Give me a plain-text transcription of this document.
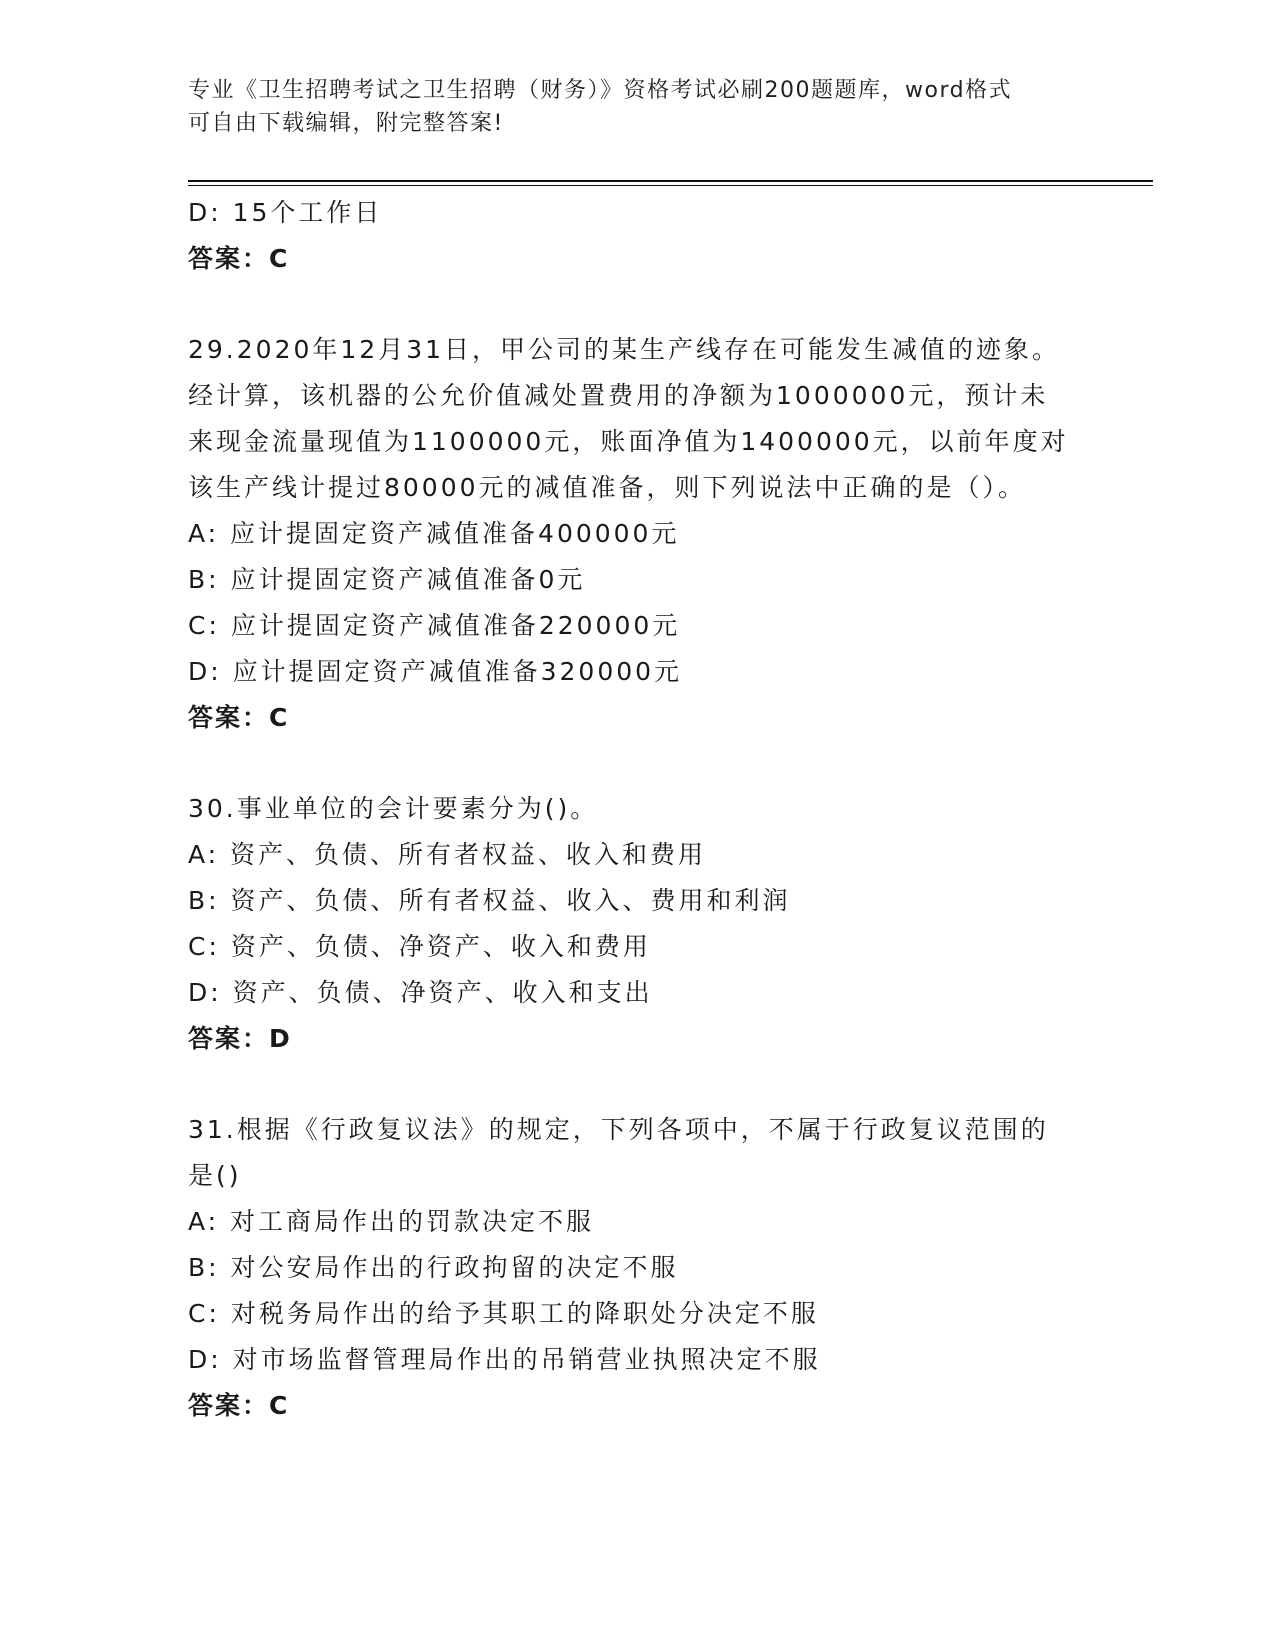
专业《卫生招聘考试之卫生招聘（财务）》资格考试必刷200题题库，word格式
可自由下载编辑，附完整答案!
D: 15个工作日
答案：C
29.2020年12月31日，甲公司的某生产线存在可能发生减值的迹象。
经计算，该机器的公允价值减处置费用的净额为1000000元，预计未
来现金流量现值为1100000元，账面净值为1400000元，以前年度对
该生产线计提过80000元的减值准备，则下列说法中正确的是（）。
A: 应计提固定资产减值准备400000元
B: 应计提固定资产减值准备0元
C: 应计提固定资产减值准备220000元
D: 应计提固定资产减值准备320000元
答案：C
30.事业单位的会计要素分为()。
A: 资产、负债、所有者权益、收入和费用
B: 资产、负债、所有者权益、收入、费用和利润
C: 资产、负债、净资产、收入和费用
D: 资产、负债、净资产、收入和支出
答案：D
31.根据《行政复议法》的规定，下列各项中，不属于行政复议范围的
是()
A: 对工商局作出的罚款决定不服
B: 对公安局作出的行政拘留的决定不服
C: 对税务局作出的给予其职工的降职处分决定不服
D: 对市场监督管理局作出的吊销营业执照决定不服
答案：C
